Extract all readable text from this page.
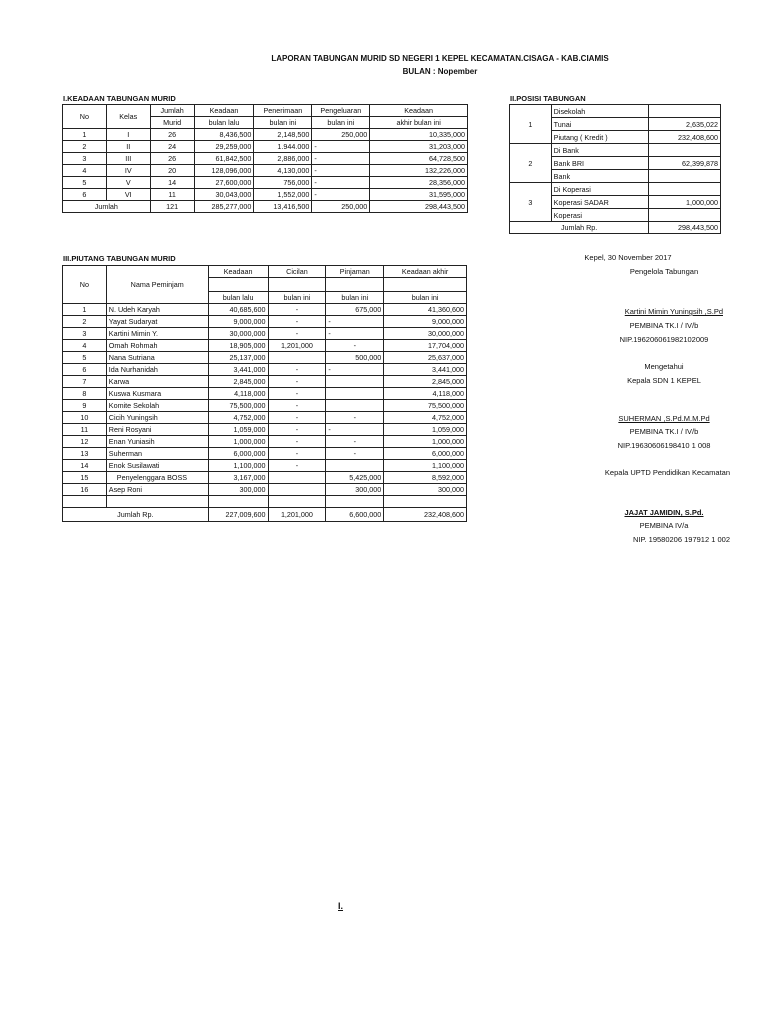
LAPORAN TABUNGAN MURID SD NEGERI 1 KEPEL KECAMATAN.CISAGA - KAB.CIAMIS
BULAN : Nopember
I.KEADAAN TABUNGAN MURID
No	Kelas	Jumlah	Keadaan	Penerimaan	Pengeluaran	Keadaan
		Murid	bulan lalu	bulan ini	bulan ini	akhir bulan ini
1	I	26	8,436,500	2,148,500	250,000	10,335,000
2	II	24	29,259,000	1.944.000	-	31,203,000
3	III	26	61,842,500	2,886,000	-	64,728,500
4	IV	20	128,096,000	4,130,000	-	132,226,000
5	V	14	27,600,000	756,000	-	28,356,000
6	VI	11	30,043,000	1,552,000	-	31,595,000
Jumlah		121	285,277,000	13,416,500	250,000	298,443,500
II.POSISI TABUNGAN
1	Disekolah	
	Tunai	2,635,022
	Piutang ( Kredit )	232,408,600
2	Di Bank	
	Bank BRI	62,399,878
	Bank	
3	Di Koperasi	
	Koperasi SADAR	1,000,000
	Koperasi	
Jumlah Rp.		298,443,500
III.PIUTANG TABUNGAN MURID
No	Nama Peminjam	Keadaan	Cicilan	Pinjaman	Keadaan akhir

		bulan lalu	bulan ini	bulan ini	bulan ini
1	N. Udeh Karyah	40,685,600	-	675,000	41,360,600
2	Yayat Sudaryat	9,000,000	-	-	9,000,000
3	Kartini Mimin Y.	30,000,000	-	-	30,000,000
4	Omah Rohmah	18,905,000	1,201,000	-	17,704,000
5	Nana Sutriana	25,137,000		500,000	25,637,000
6	Ida Nurhanidah	3,441,000	-	-	3,441,000
7	Karwa	2,845,000	-		2,845,000
8	Kuswa Kusmara	4,118,000	-		4,118,000
9	Komite Sekolah	75,500,000	-		75,500,000
10	Cicih Yuningsih	4,752,000	-	-	4,752,000
11	Reni Rosyani	1,059,000	-	-	1,059,000
12	Enan Yuniasih	1,000,000	-	-	1,000,000
13	Suherman	6,000,000	-	-	6,000,000
14	Enok Susilawati	1,100,000	-		1,100,000
15	Penyelenggara BOSS	3,167,000		5,425,000	8,592,000
16	Asep Roni	300,000		300,000	300,000

Jumlah Rp.		227,009,600	1,201,000	6,600,000	232,408,600
Kepel, 30 November 2017
Pengelola Tabungan
Kartini Mimin Yuningsih ,S.Pd
PEMBINA TK.I / IV/b
NIP.196206061982102009
Mengetahui
Kepala SDN 1 KEPEL
SUHERMAN ,S.Pd.M.M.Pd
PEMBINA TK.I / IV/b
NIP.19630606198410 1 008
Kepala UPTD Pendidikan Kecamatan
JAJAT JAMIDIN, S.Pd.
PEMBINA IV/a
NIP. 19580206 197912 1 002
I.
